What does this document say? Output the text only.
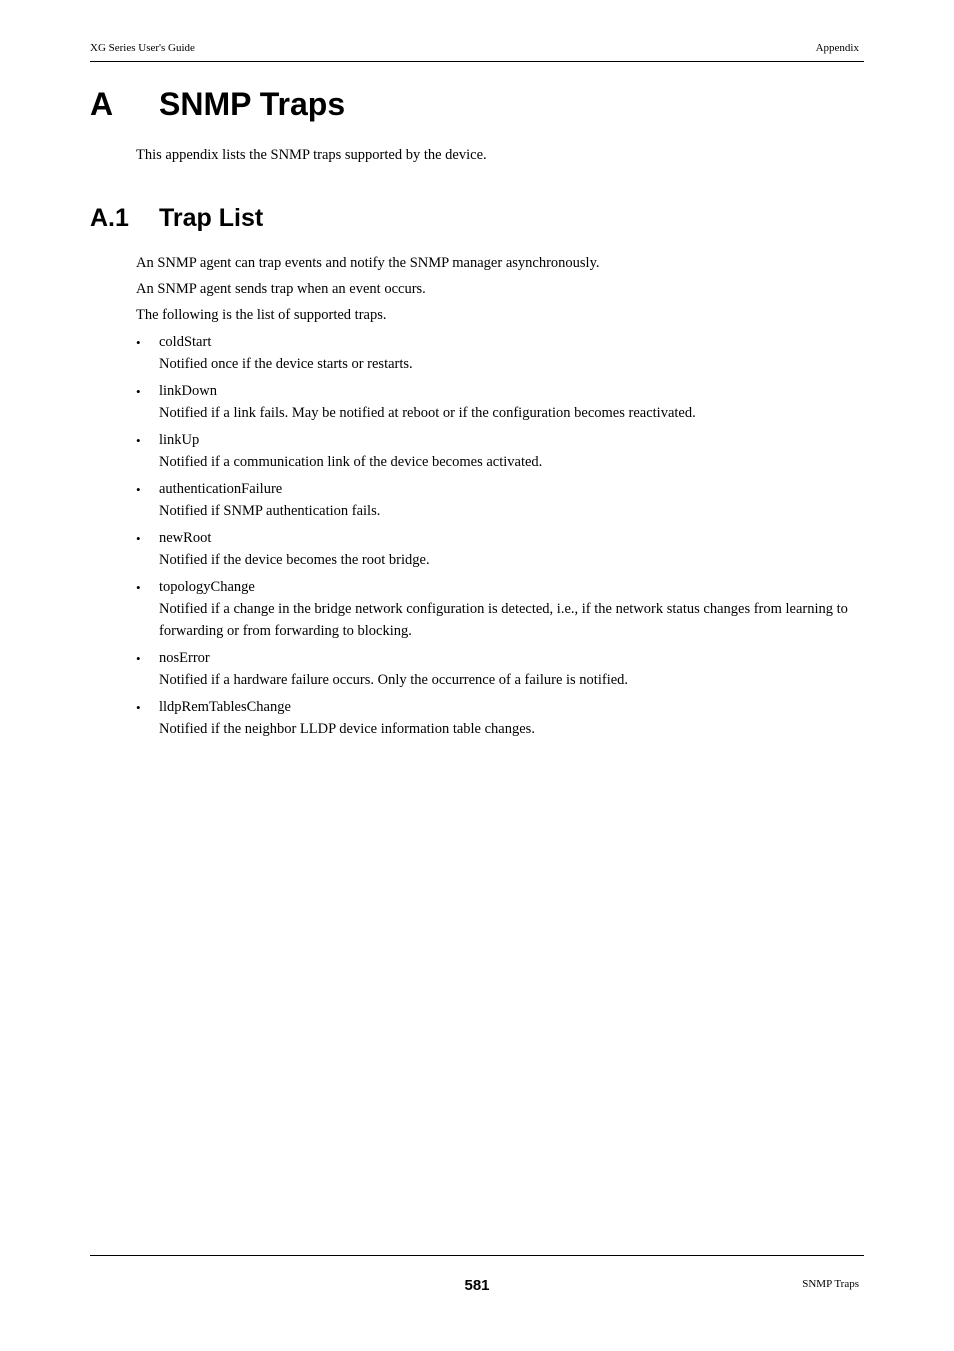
XG Series User's Guide	Appendix
A SNMP Traps

This appendix lists the SNMP traps supported by the device.

A.1 Trap List

An SNMP agent can trap events and notify the SNMP manager asynchronously.

An SNMP agent sends trap when an event occurs.

The following is the list of supported traps.

• coldStart
Notified once if the device starts or restarts.
• linkDown
Notified if a link fails. May be notified at reboot or if the configuration becomes reactivated.
• linkUp
Notified if a communication link of the device becomes activated.
• authenticationFailure
Notified if SNMP authentication fails.
• newRoot
Notified if the device becomes the root bridge.
• topologyChange
Notified if a change in the bridge network configuration is detected, i.e., if the network status changes from learning to forwarding or from forwarding to blocking.
• nosError
Notified if a hardware failure occurs. Only the occurrence of a failure is notified.
• lldpRemTablesChange
Notified if the neighbor LLDP device information table changes.
581	SNMP Traps
